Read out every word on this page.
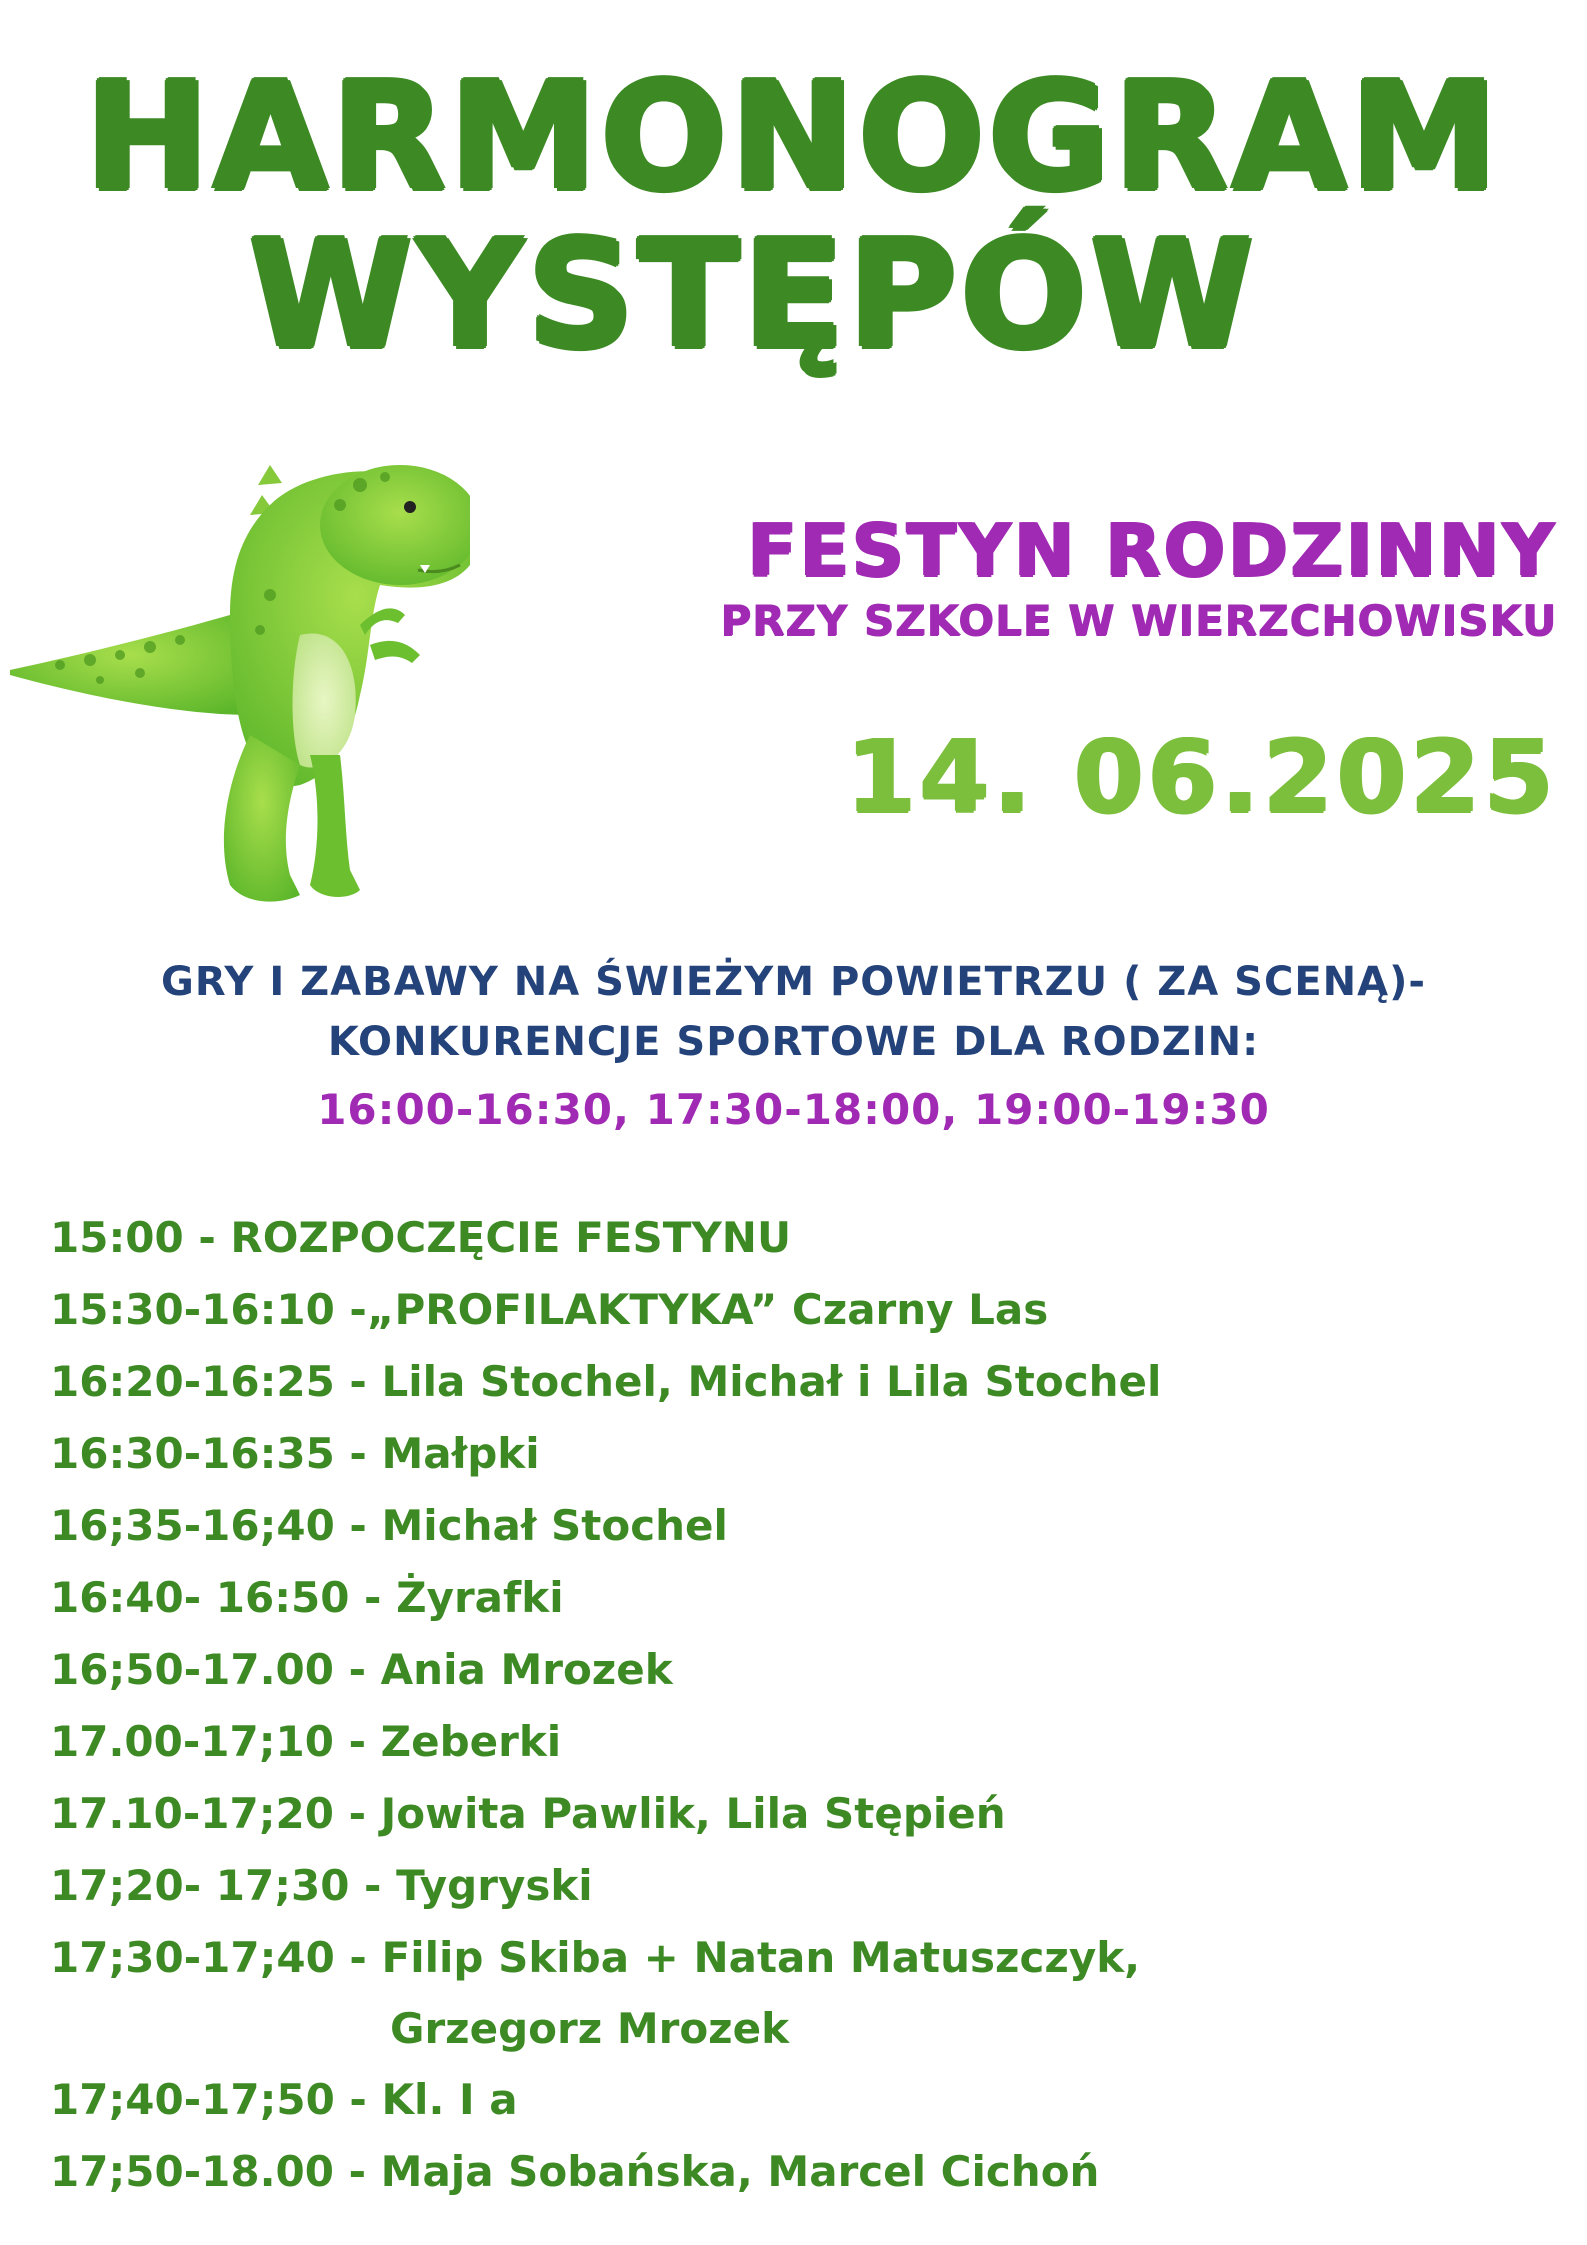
HARMONOGRAM
WYSTĘPÓW
FESTYN RODZINNY
PRZY SZKOLE W WIERZCHOWISKU
14. 06.2025
GRY I ZABAWY NA ŚWIEŻYM POWIETRZU ( ZA SCENĄ)-
KONKURENCJE SPORTOWE DLA RODZIN:
16:00-16:30, 17:30-18:00, 19:00-19:30
15:00 - ROZPOCZĘCIE FESTYNU
15:30-16:10 -„PROFILAKTYKA” Czarny Las
16:20-16:25 - Lila Stochel, Michał i Lila Stochel
16:30-16:35 - Małpki
16;35-16;40 - Michał Stochel
16:40- 16:50 - Żyrafki
16;50-17.00 - Ania Mrozek
17.00-17;10 - Zeberki
17.10-17;20 - Jowita Pawlik, Lila Stępień
17;20- 17;30 - Tygryski
17;30-17;40 - Filip Skiba + Natan Matuszczyk,
Grzegorz Mrozek
17;40-17;50 - Kl. I a
17;50-18.00 - Maja Sobańska, Marcel Cichoń
